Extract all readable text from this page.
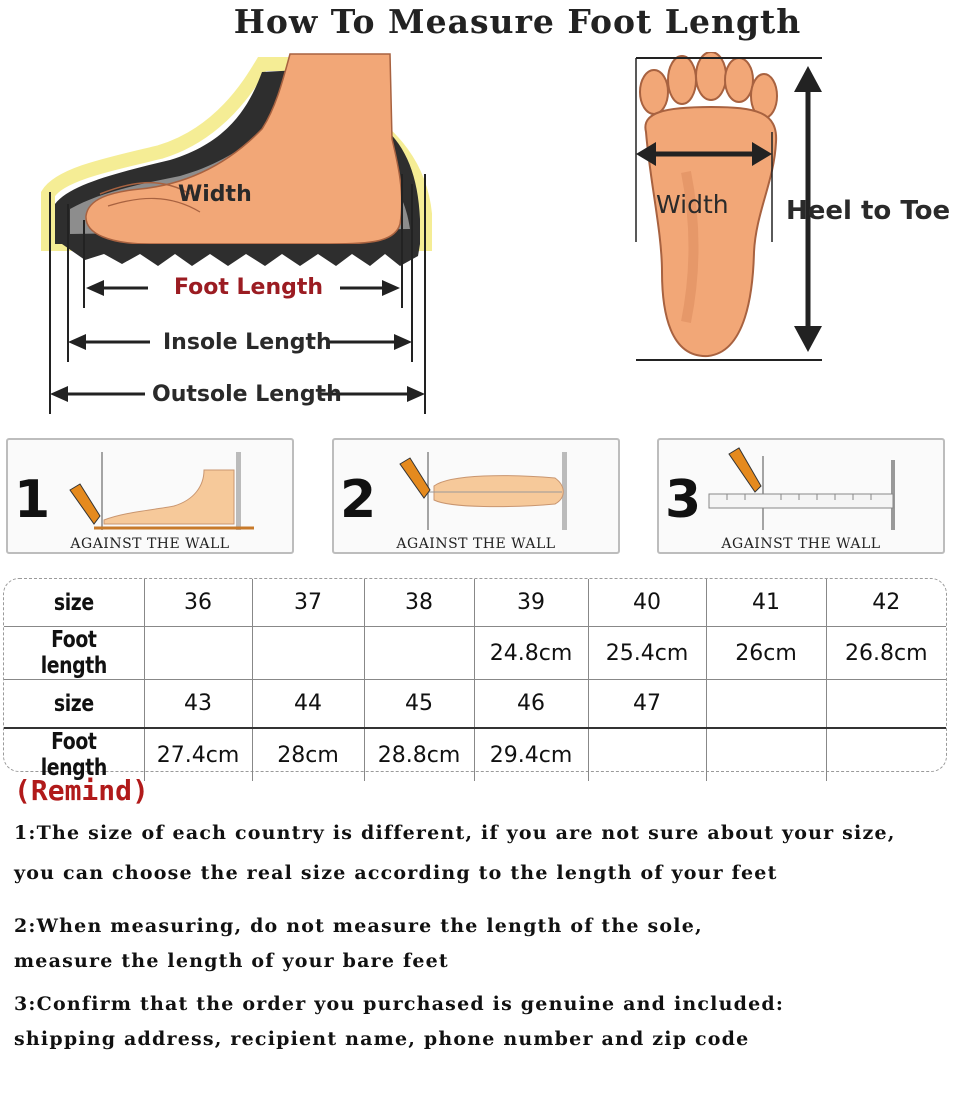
How To Measure Foot Length
Width
Foot Length
Insole Length
Outsole Length
Width Heel to Toe
1
AGAINST THE WALL
2
AGAINST THE WALL
3
AGAINST THE WALL
size	36	37	38	39	40	41	42
Foot length				24.8cm	25.4cm	26cm	26.8cm
size	43	44	45	46	47		
Foot length	27.4cm	28cm	28.8cm	29.4cm			
(Remind)
1:The size of each country is different, if you are not sure about your size,
you can choose the real size according to the length of your feet
2:When measuring, do not measure the length of the sole,
measure the length of your bare feet
3:Confirm that the order you purchased is genuine and included:
shipping address, recipient name, phone number and zip code
